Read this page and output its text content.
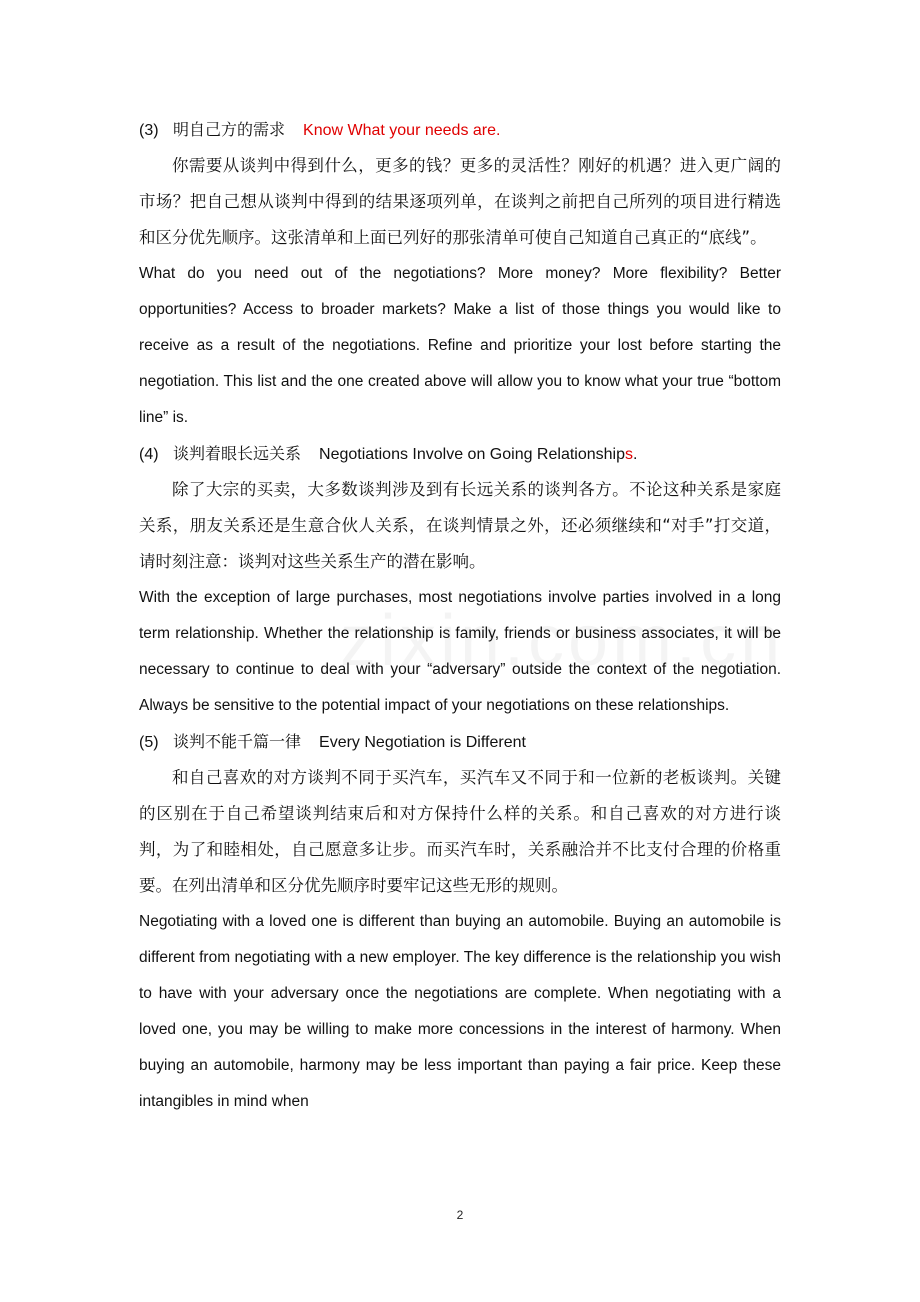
(3) 明自己方的需求 Know What your needs are.
你需要从谈判中得到什么，更多的钱？更多的灵活性？刚好的机遇？进入更广阔的市场？把自己想从谈判中得到的结果逐项列单，在谈判之前把自己所列的项目进行精选和区分优先顺序。这张清单和上面已列好的那张清单可使自己知道自己真正的“底线”。
What do you need out of the negotiations? More money? More flexibility? Better opportunities? Access to broader markets? Make a list of those things you would like to receive as a result of the negotiations. Refine and prioritize your lost before starting the negotiation. This list and the one created above will allow you to know what your true “bottom line” is.
(4) 谈判着眼长远关系 Negotiations Involve on Going Relationships.
除了大宗的买卖，大多数谈判涉及到有长远关系的谈判各方。不论这种关系是家庭关系，朋友关系还是生意合伙人关系，在谈判情景之外，还必须继续和“对手”打交道，请时刻注意：谈判对这些关系生产的潜在影响。
With the exception of large purchases, most negotiations involve parties involved in a long term relationship. Whether the relationship is family, friends or business associates, it will be necessary to continue to deal with your “adversary” outside the context of the negotiation. Always be sensitive to the potential impact of your negotiations on these relationships.
(5) 谈判不能千篇一律 Every Negotiation is Different
和自己喜欢的对方谈判不同于买汽车，买汽车又不同于和一位新的老板谈判。关键的区别在于自己希望谈判结束后和对方保持什么样的关系。和自己喜欢的对方进行谈判，为了和睦相处，自己愿意多让步。而买汽车时，关系融洽并不比支付合理的价格重要。在列出清单和区分优先顺序时要牢记这些无形的规则。
Negotiating with a loved one is different than buying an automobile. Buying an automobile is different from negotiating with a new employer. The key difference is the relationship you wish to have with your adversary once the negotiations are complete. When negotiating with a loved one, you may be willing to make more concessions in the interest of harmony. When buying an automobile, harmony may be less important than paying a fair price. Keep these intangibles in mind when
2
